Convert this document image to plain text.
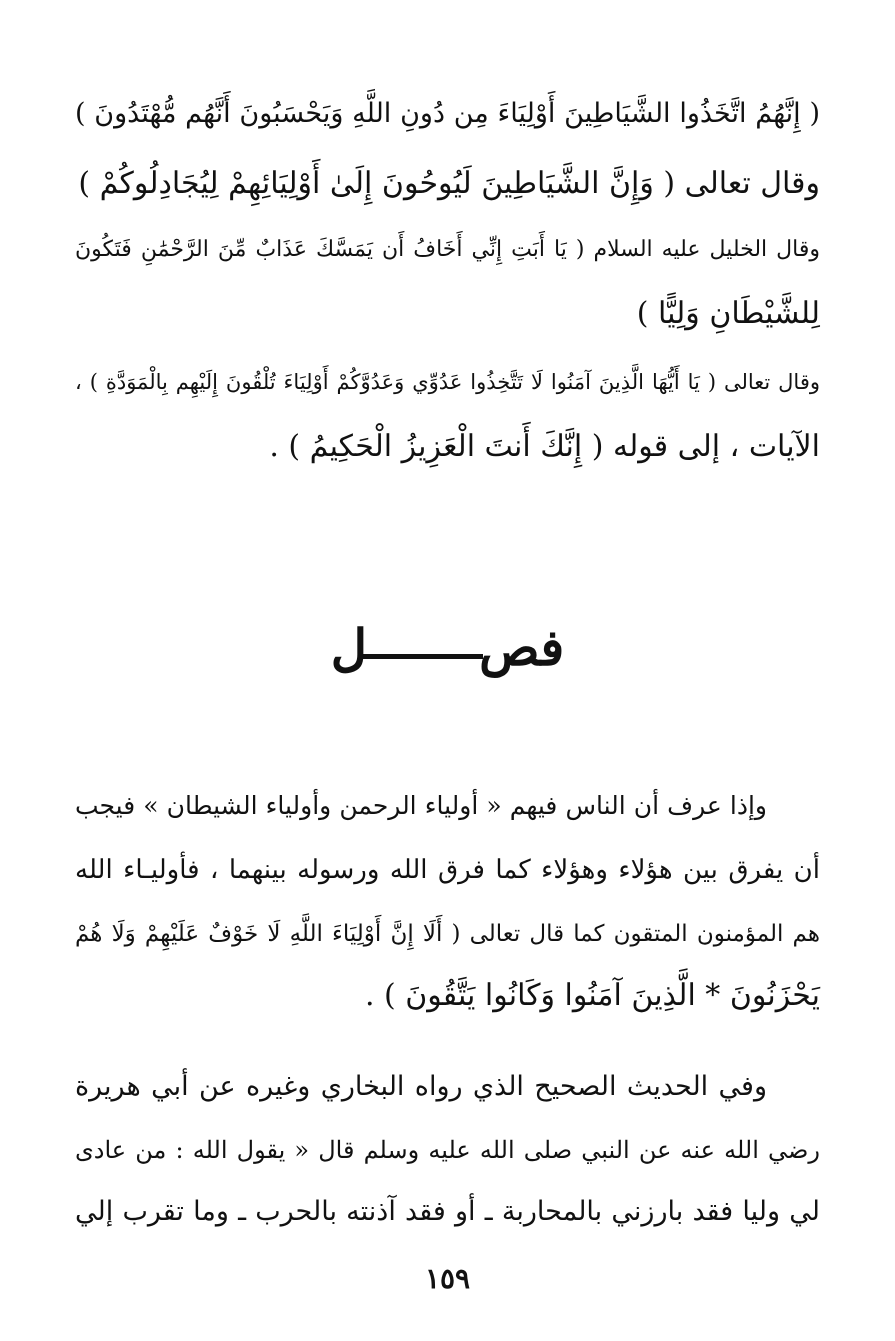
( إِنَّهُمُ اتَّخَذُوا الشَّيَاطِينَ أَوْلِيَاءَ مِن دُونِ اللَّهِ وَيَحْسَبُونَ أَنَّهُم مُّهْتَدُونَ )
وقال تعالى ( وَإِنَّ الشَّيَاطِينَ لَيُوحُونَ إِلَىٰ أَوْلِيَائِهِمْ لِيُجَادِلُوكُمْ )
وقال الخليل عليه السلام ( يَا أَبَتِ إِنِّي أَخَافُ أَن يَمَسَّكَ عَذَابٌ مِّنَ الرَّحْمَٰنِ فَتَكُونَ
لِلشَّيْطَانِ وَلِيًّا )
وقال تعالى ( يَا أَيُّهَا الَّذِينَ آمَنُوا لَا تَتَّخِذُوا عَدُوِّي وَعَدُوَّكُمْ أَوْلِيَاءَ تُلْقُونَ إِلَيْهِم بِالْمَوَدَّةِ ) ،
الآيات ، إلى قوله ( إِنَّكَ أَنتَ الْعَزِيزُ الْحَكِيمُ ) .
فصل
وإذا عرف أن الناس فيهم « أولياء الرحمن وأولياء الشيطان » فيجب
أن يفرق بين هؤلاء وهؤلاء كما فرق الله ورسوله بينهما ، فأوليـاء الله
هم المؤمنون المتقون كما قال تعالى ( أَلَا إِنَّ أَوْلِيَاءَ اللَّهِ لَا خَوْفٌ عَلَيْهِمْ وَلَا هُمْ
يَحْزَنُونَ * الَّذِينَ آمَنُوا وَكَانُوا يَتَّقُونَ ) .
وفي الحديث الصحيح الذي رواه البخاري وغيره عن أبي هريرة
رضي الله عنه عن النبي صلى الله عليه وسلم قال « يقول الله : من عادى
لي وليا فقد بارزني بالمحاربة ـ أو فقد آذنته بالحرب ـ وما تقرب إلي
١٥٩
